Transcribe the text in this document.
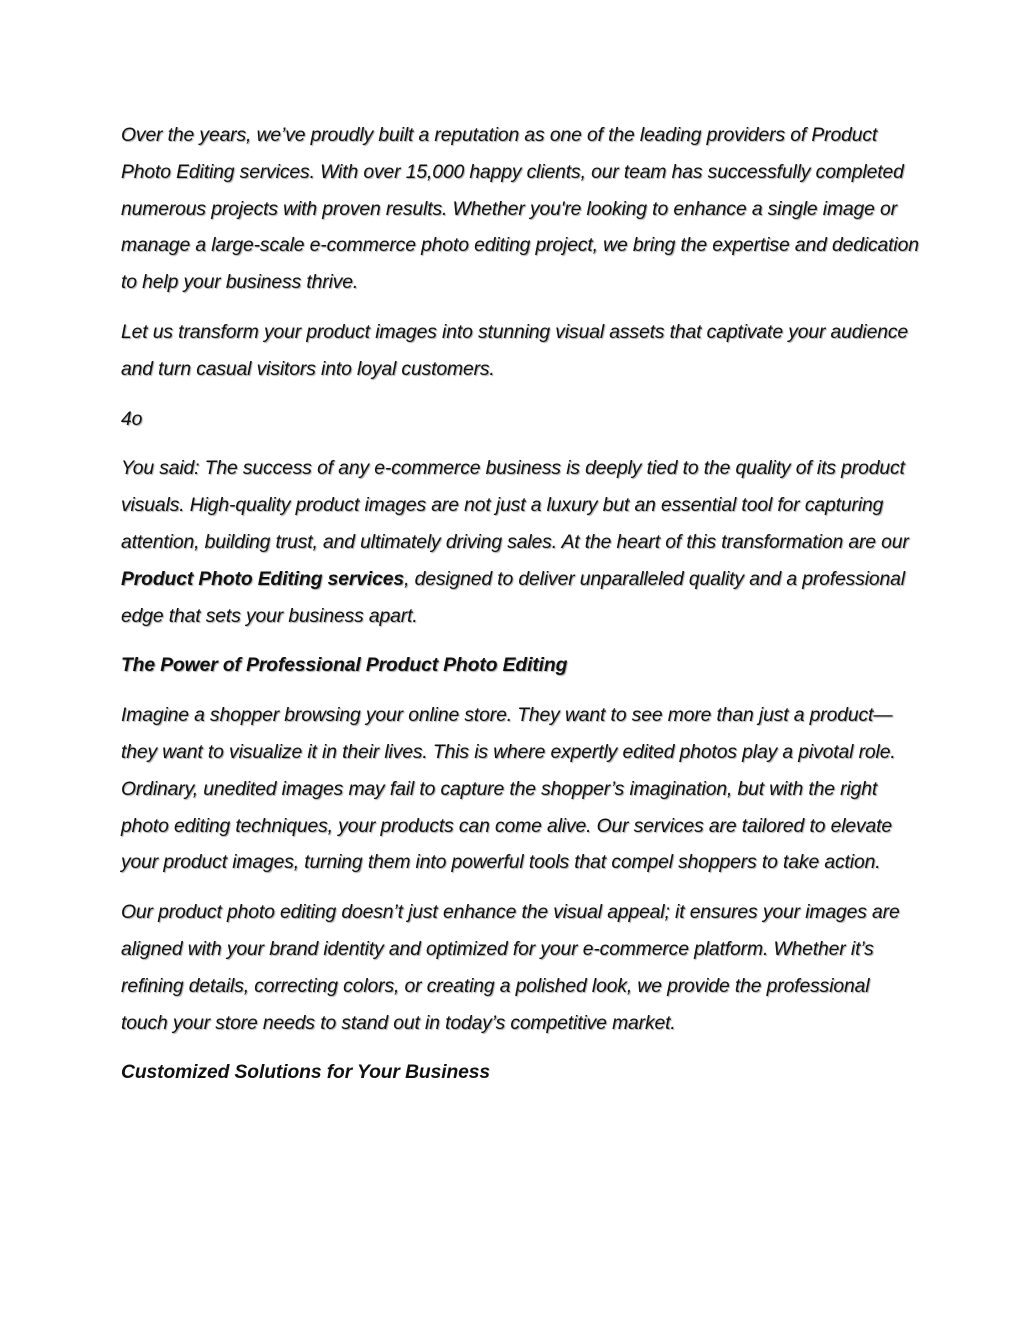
Over the years, we’ve proudly built a reputation as one of the leading providers of Product Photo Editing services. With over 15,000 happy clients, our team has successfully completed numerous projects with proven results. Whether you're looking to enhance a single image or manage a large-scale e-commerce photo editing project, we bring the expertise and dedication to help your business thrive.

Let us transform your product images into stunning visual assets that captivate your audience and turn casual visitors into loyal customers.

4o

You said: The success of any e-commerce business is deeply tied to the quality of its product visuals. High-quality product images are not just a luxury but an essential tool for capturing attention, building trust, and ultimately driving sales. At the heart of this transformation are our Product Photo Editing services, designed to deliver unparalleled quality and a professional edge that sets your business apart.

The Power of Professional Product Photo Editing

Imagine a shopper browsing your online store. They want to see more than just a product—they want to visualize it in their lives. This is where expertly edited photos play a pivotal role. Ordinary, unedited images may fail to capture the shopper’s imagination, but with the right photo editing techniques, your products can come alive. Our services are tailored to elevate your product images, turning them into powerful tools that compel shoppers to take action.

Our product photo editing doesn’t just enhance the visual appeal; it ensures your images are aligned with your brand identity and optimized for your e-commerce platform. Whether it’s refining details, correcting colors, or creating a polished look, we provide the professional touch your store needs to stand out in today’s competitive market.

Customized Solutions for Your Business
